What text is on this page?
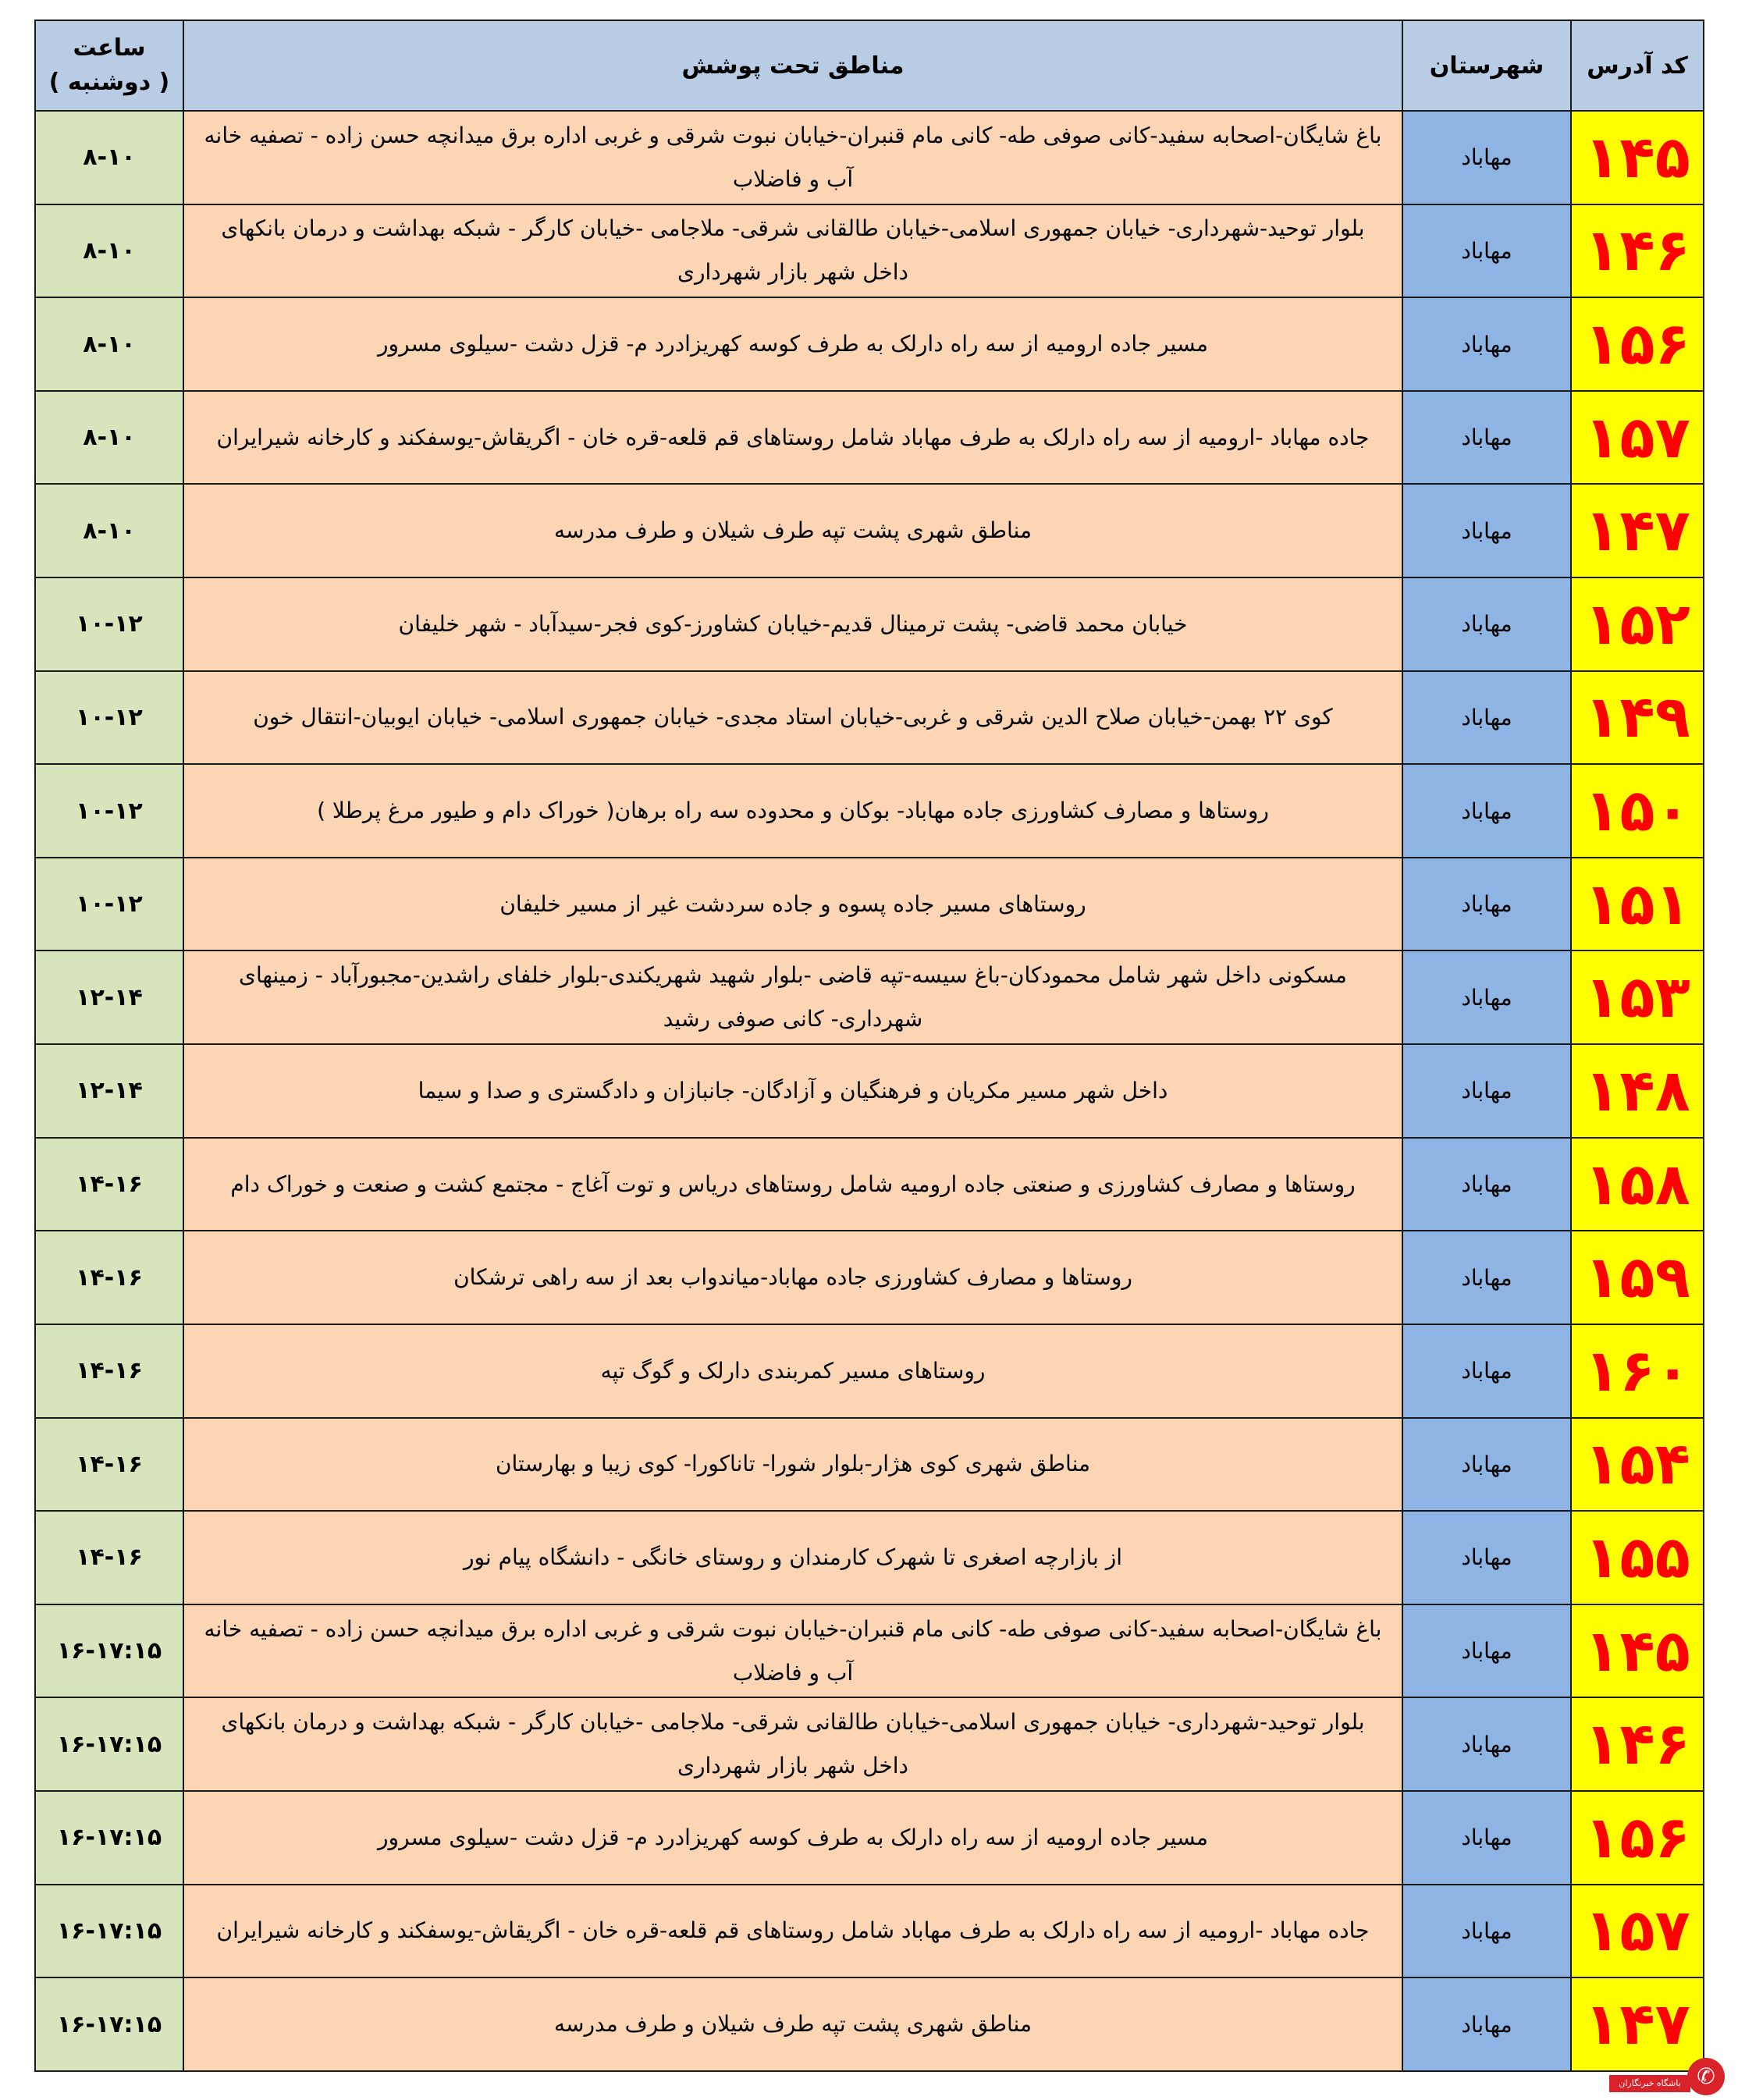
کد آدرس	شهرستان	مناطق تحت پوشش	ساعت
( دوشنبه )

۱۴۵	مهاباد	باغ شایگان-اصحابه سفید-کانی صوفی طه- کانی مام قنبران-خیابان نبوت شرقی و غربی اداره برق میدانچه حسن زاده - تصفیه خانه آب و فاضلاب	۸-۱۰
۱۴۶	مهاباد	بلوار توحید-شهرداری- خیابان جمهوری اسلامی-خیابان طالقانی شرقی- ملاجامی -خیابان کارگر - شبکه بهداشت و درمان بانکهای داخل شهر بازار شهرداری	۸-۱۰
۱۵۶	مهاباد	مسیر جاده ارومیه از سه راه دارلک به طرف کوسه کهریزادرد م- قزل دشت -سیلوی مسرور	۸-۱۰
۱۵۷	مهاباد	جاده مهاباد -ارومیه از سه راه دارلک به طرف مهاباد شامل روستاهای قم قلعه-قره خان - اگریقاش-یوسفکند و کارخانه شیرایران	۸-۱۰
۱۴۷	مهاباد	مناطق شهری پشت تپه طرف شیلان و طرف مدرسه	۸-۱۰
۱۵۲	مهاباد	خیابان محمد قاضی- پشت ترمینال قدیم-خیابان کشاورز-کوی فجر-سیدآباد - شهر خلیفان	۱۰-۱۲
۱۴۹	مهاباد	کوی ۲۲ بهمن-خیابان صلاح الدین شرقی و غربی-خیابان استاد مجدی- خیابان جمهوری اسلامی- خیابان ایوبیان-انتقال خون	۱۰-۱۲
۱۵۰	مهاباد	روستاها و مصارف کشاورزی جاده مهاباد- بوکان و محدوده سه راه برهان( خوراک دام و طیور مرغ پرطلا )	۱۰-۱۲
۱۵۱	مهاباد	روستاهای مسیر جاده پسوه و جاده سردشت غیر از مسیر خلیفان	۱۰-۱۲
۱۵۳	مهاباد	مسکونی داخل شهر شامل محمودکان-باغ سیسه-تپه قاضی -بلوار شهید شهریکندی-بلوار خلفای راشدین-مجبورآباد - زمینهای شهرداری- کانی صوفی رشید	۱۲-۱۴
۱۴۸	مهاباد	داخل شهر مسیر مکریان و فرهنگیان و آزادگان- جانبازان و دادگستری و صدا و سیما	۱۲-۱۴
۱۵۸	مهاباد	روستاها و مصارف کشاورزی و صنعتی جاده ارومیه شامل روستاهای دریاس و توت آغاج - مجتمع کشت و صنعت و خوراک دام	۱۴-۱۶
۱۵۹	مهاباد	روستاها و مصارف کشاورزی جاده مهاباد-میاندواب بعد از سه راهی ترشکان	۱۴-۱۶
۱۶۰	مهاباد	روستاهای مسیر کمربندی دارلک و گوگ تپه	۱۴-۱۶
۱۵۴	مهاباد	مناطق شهری کوی هژار-بلوار شورا- تاناکورا- کوی زیبا و بهارستان	۱۴-۱۶
۱۵۵	مهاباد	از بازارچه اصغری تا شهرک کارمندان و روستای خانگی - دانشگاه پیام نور	۱۴-۱۶
۱۴۵	مهاباد	باغ شایگان-اصحابه سفید-کانی صوفی طه- کانی مام قنبران-خیابان نبوت شرقی و غربی اداره برق میدانچه حسن زاده - تصفیه خانه آب و فاضلاب	۱۶-۱۷:۱۵
۱۴۶	مهاباد	بلوار توحید-شهرداری- خیابان جمهوری اسلامی-خیابان طالقانی شرقی- ملاجامی -خیابان کارگر - شبکه بهداشت و درمان بانکهای داخل شهر بازار شهرداری	۱۶-۱۷:۱۵
۱۵۶	مهاباد	مسیر جاده ارومیه از سه راه دارلک به طرف کوسه کهریزادرد م- قزل دشت -سیلوی مسرور	۱۶-۱۷:۱۵
۱۵۷	مهاباد	جاده مهاباد -ارومیه از سه راه دارلک به طرف مهاباد شامل روستاهای قم قلعه-قره خان - اگریقاش-یوسفکند و کارخانه شیرایران	۱۶-۱۷:۱۵
۱۴۷	مهاباد	مناطق شهری پشت تپه طرف شیلان و طرف مدرسه	۱۶-۱۷:۱۵
✆
باشگاه خبرنگاران
